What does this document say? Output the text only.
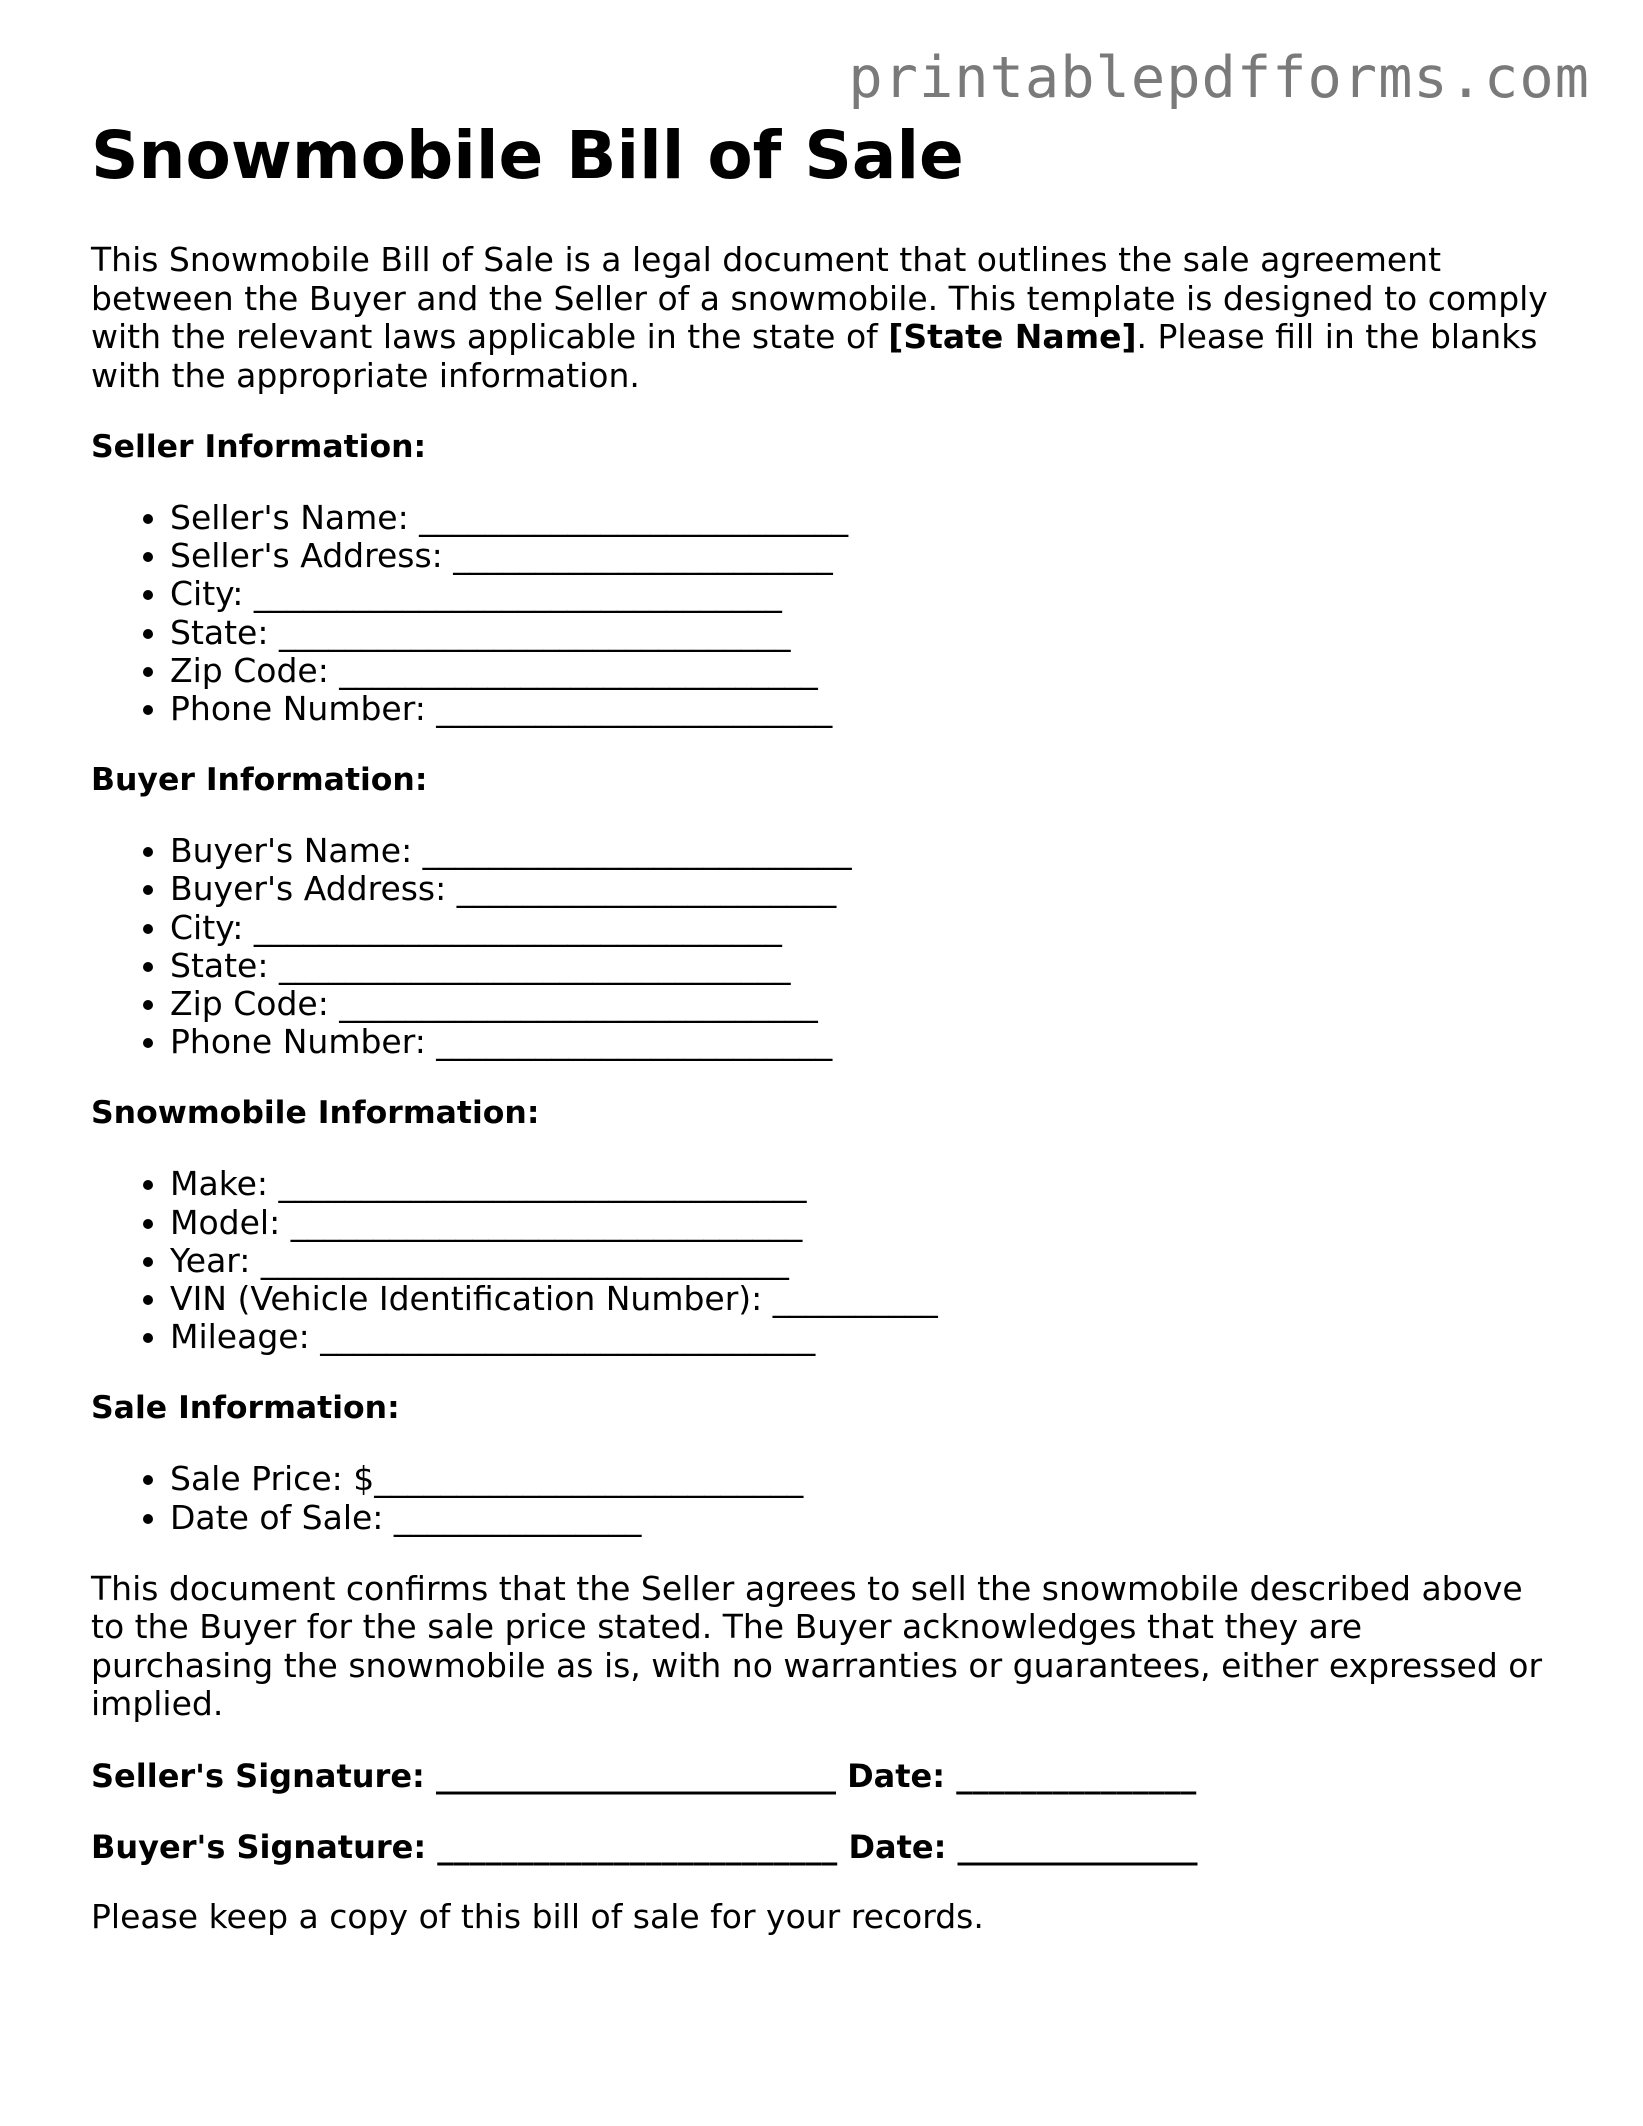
printablepdfforms.com
Snowmobile Bill of Sale

This Snowmobile Bill of Sale is a legal document that outlines the sale agreement between the Buyer and the Seller of a snowmobile. This template is designed to comply with the relevant laws applicable in the state of [State Name]. Please fill in the blanks with the appropriate information.

Seller Information:
• Seller's Name: __________________________
• Seller's Address: _______________________
• City: ________________________________
• State: _______________________________
• Zip Code: _____________________________
• Phone Number: ________________________
Buyer Information:
• Buyer's Name: __________________________
• Buyer's Address: _______________________
• City: ________________________________
• State: _______________________________
• Zip Code: _____________________________
• Phone Number: ________________________
Snowmobile Information:
• Make: ________________________________
• Model: _______________________________
• Year: ________________________________
• VIN (Vehicle Identification Number): __________
• Mileage: ______________________________
Sale Information:
• Sale Price: $__________________________
• Date of Sale: _______________

This document confirms that the Seller agrees to sell the snowmobile described above to the Buyer for the sale price stated. The Buyer acknowledges that they are purchasing the snowmobile as is, with no warranties or guarantees, either expressed or implied.

Seller's Signature: _________________________ Date: _______________
Buyer's Signature: _________________________ Date: _______________

Please keep a copy of this bill of sale for your records.
